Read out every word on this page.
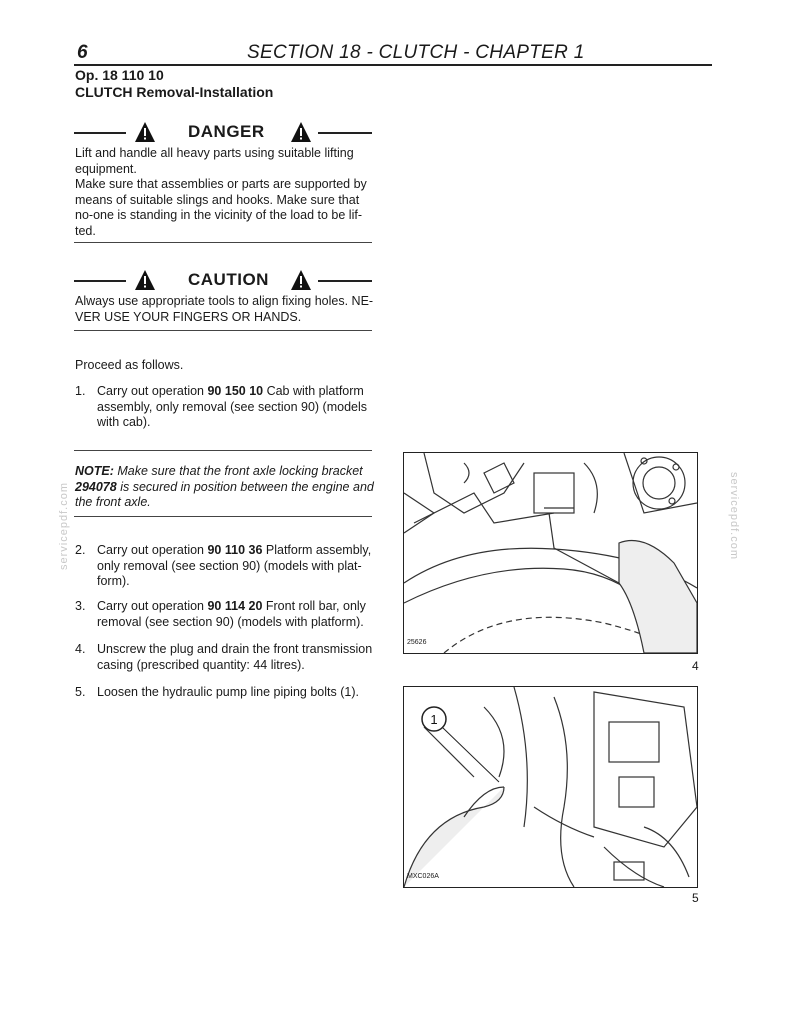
6	SECTION 18 - CLUTCH - CHAPTER 1
Op. 18 110 10
CLUTCH Removal-Installation
DANGER
Lift and handle all heavy parts using suitable lifting
equipment.
Make sure that assemblies or parts are supported by
means of suitable slings and hooks. Make sure that
no-one is standing in the vicinity of the load to be lif-
ted.
CAUTION
Always use appropriate tools to align fixing holes. NE-
VER USE YOUR FINGERS OR HANDS.
Proceed as follows.
1. Carry out operation 90 150 10 Cab with platform
assembly, only removal (see section 90) (models
with cab).
NOTE: Make sure that the front axle locking bracket
294078 is secured in position between the engine and
the front axle.
2. Carry out operation 90 110 36 Platform assembly,
only removal (see section 90) (models with plat-
form).
3. Carry out operation 90 114 20 Front roll bar, only
removal (see section 90) (models with platform).
4. Unscrew the plug and drain the front transmission
casing (prescribed quantity: 44 litres).
5. Loosen the hydraulic pump line piping bolts (1).
servicepdf.com	servicepdf.com
25626
4
1
MXC026A
5
